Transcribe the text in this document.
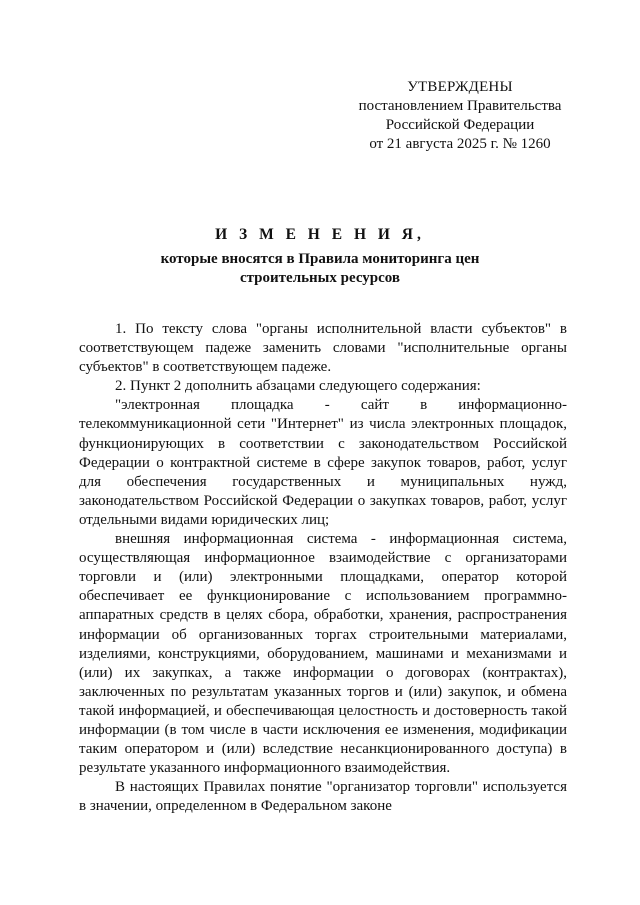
УТВЕРЖДЕНЫ
постановлением Правительства
Российской Федерации
от 21 августа 2025 г. № 1260
И З М Е Н Е Н И Я,
которые вносятся в Правила мониторинга цен
строительных ресурсов

1. По тексту слова "органы исполнительной власти субъектов" в соответствующем падеже заменить словами "исполнительные органы субъектов" в соответствующем падеже.

2. Пункт 2 дополнить абзацами следующего содержания:

"электронная площадка - сайт в информационно-телекоммуникационной сети "Интернет" из числа электронных площадок, функционирующих в соответствии с законодательством Российской Федерации о контрактной системе в сфере закупок товаров, работ, услуг для обеспечения государственных и муниципальных нужд, законодательством Российской Федерации о закупках товаров, работ, услуг отдельными видами юридических лиц;

внешняя информационная система - информационная система, осуществляющая информационное взаимодействие с организаторами торговли и (или) электронными площадками, оператор которой обеспечивает ее функционирование с использованием программно-аппаратных средств в целях сбора, обработки, хранения, распространения информации об организованных торгах строительными материалами, изделиями, конструкциями, оборудованием, машинами и механизмами и (или) их закупках, а также информации о договорах (контрактах), заключенных по результатам указанных торгов и (или) закупок, и обмена такой информацией, и обеспечивающая целостность и достоверность такой информации (в том числе в части исключения ее изменения, модификации таким оператором и (или) вследствие несанкционированного доступа) в результате указанного информационного взаимодействия.

В настоящих Правилах понятие "организатор торговли" используется в значении, определенном в Федеральном законе
